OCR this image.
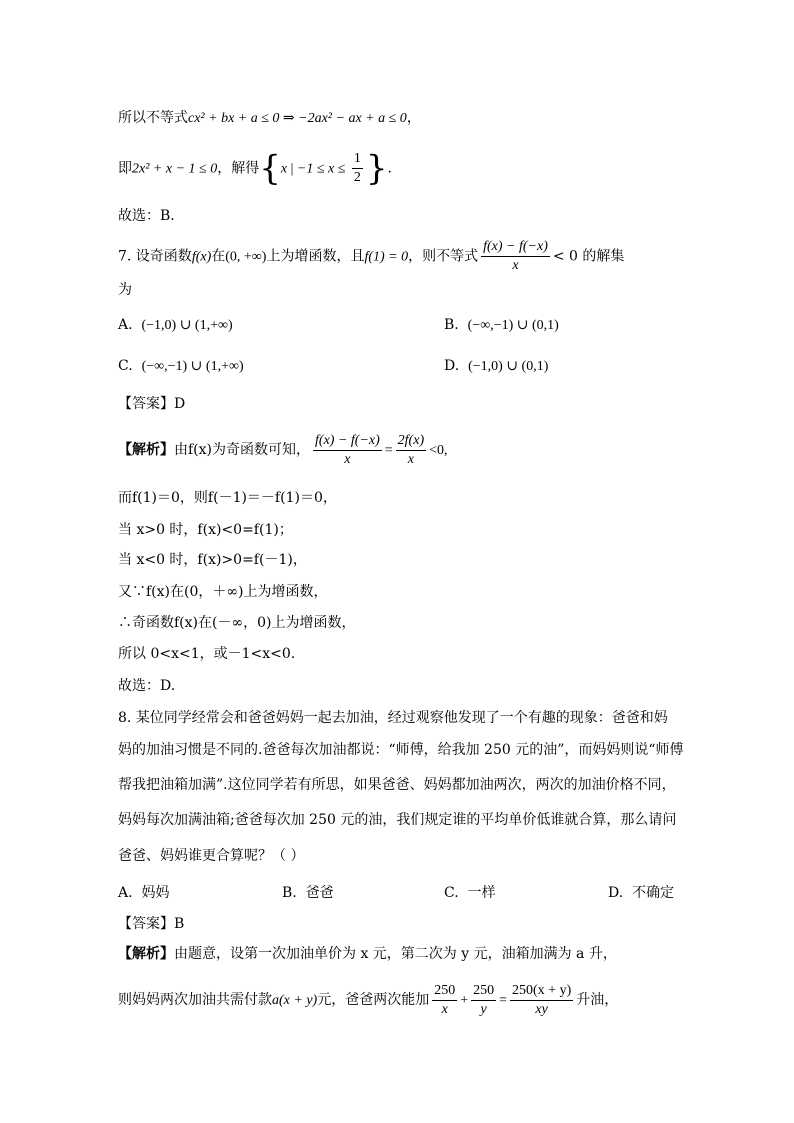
所以不等式cx² + bx + a ≤ 0 ⇒ −2ax² − ax + a ≤ 0，
即2x² + x − 1 ≤ 0，解得{x | $-1 \le x \le \frac{1}{2}$ }.
故选：B.
7. 设奇函数f(x)在(0, +∞)上为增函数，且f(1) = 0，则不等式 $\frac{f(x) - f(-x)}{x} < 0$ 的解集
为
A. (−1,0) ∪ (1,+∞)	B. (−∞,−1) ∪ (0,1)
C. (−∞,−1) ∪ (1,+∞)	D. (−1,0) ∪ (0,1)
【答案】D
【解析】由f(x)为奇函数可知， $\frac{f(x) - f(-x)}{x} = \frac{2f(x)}{x} <0$,
而f(1)＝0，则f(－1)＝－f(1)＝0，
当 x>0 时，f(x)<0=f(1)；
当 x<0 时，f(x)>0=f(－1)，
又∵f(x)在(0，＋∞)上为增函数，
∴奇函数f(x)在(－∞，0)上为增函数，
所以 0<x<1，或－1<x<0.
故选：D.
8. 某位同学经常会和爸爸妈妈一起去加油，经过观察他发现了一个有趣的现象：爸爸和妈
妈的加油习惯是不同的.爸爸每次加油都说：“师傅，给我加 250 元的油”，而妈妈则说“师傅
帮我把油箱加满”.这位同学若有所思，如果爸爸、妈妈都加油两次，两次的加油价格不同，
妈妈每次加满油箱;爸爸每次加 250 元的油，我们规定谁的平均单价低谁就合算，那么请问
爸爸、妈妈谁更合算呢？（ ）
A. 妈妈	B. 爸爸	C. 一样	D. 不确定
【答案】B
【解析】由题意，设第一次加油单价为 x 元，第二次为 y 元，油箱加满为 a 升，
则妈妈两次加油共需付款a(x + y)元，爸爸两次能加 $\frac{250}{x} + \frac{250}{y} = \frac{250(x + y)}{xy}$ 升油，
